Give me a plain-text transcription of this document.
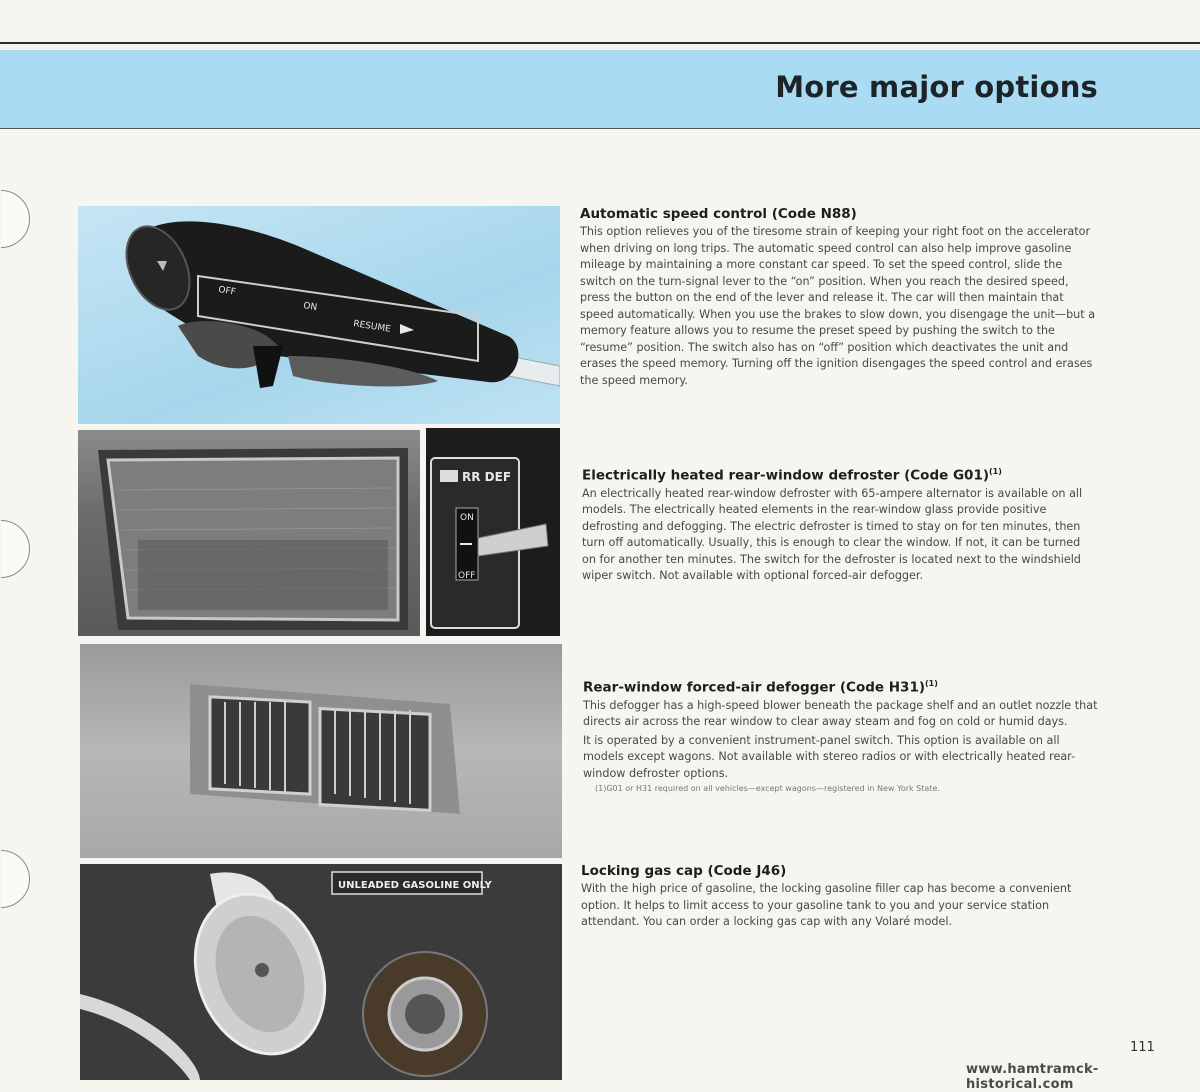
More major options
OFF
ON
RESUME
RR DEF
ON
OFF
UNLEADED GASOLINE ONLY
Automatic speed control (Code N88)

This option relieves you of the tiresome strain of keeping your right foot on the accelerator when driving on long trips. The automatic speed control can also help improve gasoline mileage by maintaining a more constant car speed. To set the speed control, slide the switch on the turn-signal lever to the “on” position. When you reach the desired speed, press the button on the end of the lever and release it. The car will then maintain that speed automatically. When you use the brakes to slow down, you disengage the unit—but a memory feature allows you to resume the preset speed by pushing the switch to the “resume” position. The switch also has on “off” position which deactivates the unit and erases the speed memory. Turning off the ignition disengages the speed control and erases the speed memory.

Electrically heated rear-window defroster (Code G01)$^{(1)}$

An electrically heated rear-window defroster with 65-ampere alternator is available on all models. The electrically heated elements in the rear-window glass provide positive defrosting and defogging. The electric defroster is timed to stay on for ten minutes, then turn off automatically. Usually, this is enough to clear the window. If not, it can be turned on for another ten minutes. The switch for the defroster is located next to the windshield wiper switch. Not available with optional forced-air defogger.

Rear-window forced-air defogger (Code H31)$^{(1)}$

This defogger has a high-speed blower beneath the package shelf and an outlet nozzle that directs air across the rear window to clear away steam and fog on cold or humid days.

It is operated by a convenient instrument-panel switch. This option is available on all models except wagons. Not available with stereo radios or with electrically heated rear-window defroster options.

(1)G01 or H31 required on all vehicles—except wagons—registered in New York State.
Locking gas cap (Code J46)

With the high price of gasoline, the locking gasoline filler cap has become a convenient option. It helps to limit access to your gasoline tank to you and your service station attendant. You can order a locking gas cap with any Volaré model.

111
www.hamtramck-historical.com
